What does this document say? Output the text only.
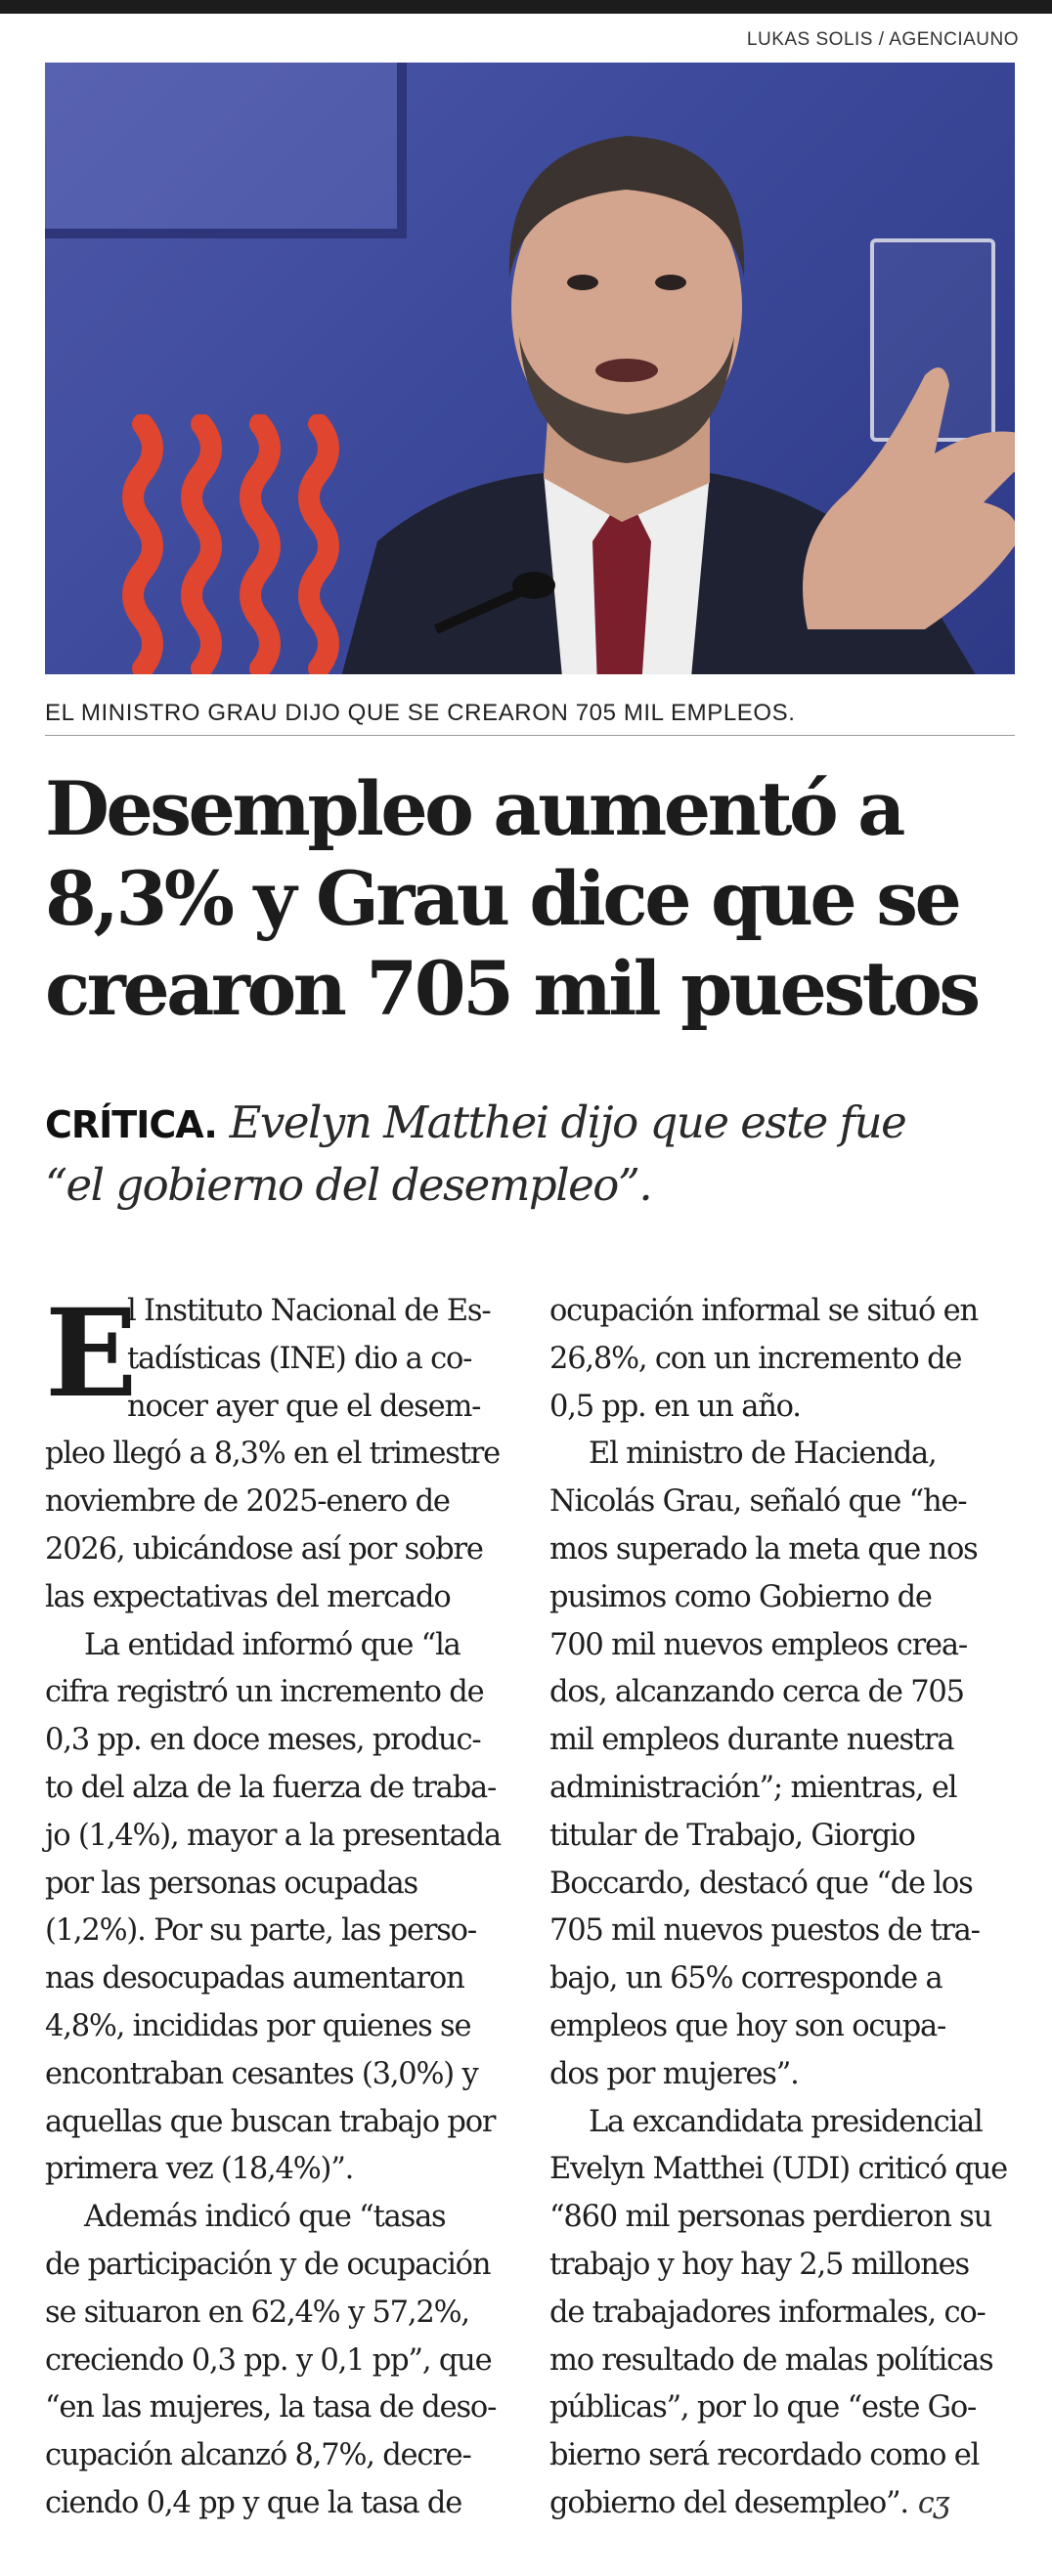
LUKAS SOLIS / AGENCIAUNO
EL MINISTRO GRAU DIJO QUE SE CREARON 705 MIL EMPLEOS.
Desempleo aumentó a
8,3% y Grau dice que se
crearon 705 mil puestos
CRÍTICA. Evelyn Matthei dijo que este fue
“el gobierno del desempleo”.
E
l Instituto Nacional de Es-
tadísticas (INE) dio a co-
nocer ayer que el desem-
pleo llegó a 8,3% en el trimestre
noviembre de 2025-enero de
2026, ubicándose así por sobre
las expectativas del mercado
La entidad informó que “la
cifra registró un incremento de
0,3 pp. en doce meses, produc-
to del alza de la fuerza de traba-
jo (1,4%), mayor a la presentada
por las personas ocupadas
(1,2%). Por su parte, las perso-
nas desocupadas aumentaron
4,8%, incididas por quienes se
encontraban cesantes (3,0%) y
aquellas que buscan trabajo por
primera vez (18,4%)”.
Además indicó que “tasas
de participación y de ocupación
se situaron en 62,4% y 57,2%,
creciendo 0,3 pp. y 0,1 pp”, que
“en las mujeres, la tasa de deso-
cupación alcanzó 8,7%, decre-
ciendo 0,4 pp y que la tasa de
ocupación informal se situó en
26,8%, con un incremento de
0,5 pp. en un año.
El ministro de Hacienda,
Nicolás Grau, señaló que “he-
mos superado la meta que nos
pusimos como Gobierno de
700 mil nuevos empleos crea-
dos, alcanzando cerca de 705
mil empleos durante nuestra
administración”; mientras, el
titular de Trabajo, Giorgio
Boccardo, destacó que “de los
705 mil nuevos puestos de tra-
bajo, un 65% corresponde a
empleos que hoy son ocupa-
dos por mujeres”.
La excandidata presidencial
Evelyn Matthei (UDI) criticó que
“860 mil personas perdieron su
trabajo y hoy hay 2,5 millones
de trabajadores informales, co-
mo resultado de malas políticas
públicas”, por lo que “este Go-
bierno será recordado como el
gobierno del desempleo”. ᴄʒ
